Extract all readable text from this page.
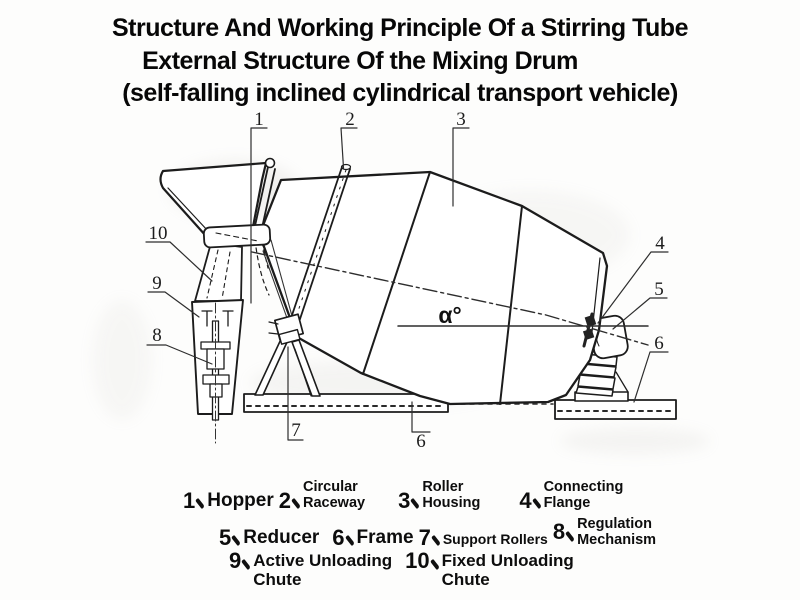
1	2	3
4
5
6
6
7
8
9
10
α°

Structure And Working Principle Of a Stirring Tube

External Structure Of the Mixing Drum

(self-falling inclined cylindrical transport vehicle)

1 Hopper 2
Circular
Raceway 3
Roller
Housing 4
Connecting
Flange
5 Reducer 6 Frame 7 Support Rollers 8 Regulation
Mechanism
9 Active Unloading
Chute
10 Fixed Unloading
Chute
